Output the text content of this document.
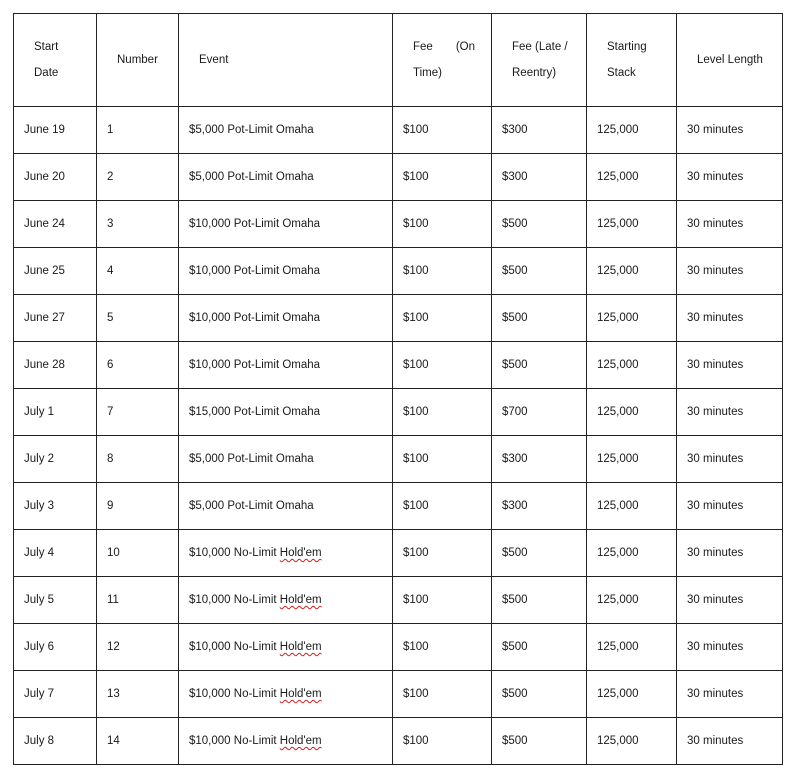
Start Date	Number	Event	Fee (On Time)	Fee (Late / Reentry)	Starting Stack	Level Length
June 19	1	$5,000 Pot-Limit Omaha	$100	$300	125,000	30 minutes
June 20	2	$5,000 Pot-Limit Omaha	$100	$300	125,000	30 minutes
June 24	3	$10,000 Pot-Limit Omaha	$100	$500	125,000	30 minutes
June 25	4	$10,000 Pot-Limit Omaha	$100	$500	125,000	30 minutes
June 27	5	$10,000 Pot-Limit Omaha	$100	$500	125,000	30 minutes
June 28	6	$10,000 Pot-Limit Omaha	$100	$500	125,000	30 minutes
July 1	7	$15,000 Pot-Limit Omaha	$100	$700	125,000	30 minutes
July 2	8	$5,000 Pot-Limit Omaha	$100	$300	125,000	30 minutes
July 3	9	$5,000 Pot-Limit Omaha	$100	$300	125,000	30 minutes
July 4	10	$10,000 No-Limit Hold'em	$100	$500	125,000	30 minutes
July 5	11	$10,000 No-Limit Hold'em	$100	$500	125,000	30 minutes
July 6	12	$10,000 No-Limit Hold'em	$100	$500	125,000	30 minutes
July 7	13	$10,000 No-Limit Hold'em	$100	$500	125,000	30 minutes
July 8	14	$10,000 No-Limit Hold'em	$100	$500	125,000	30 minutes
